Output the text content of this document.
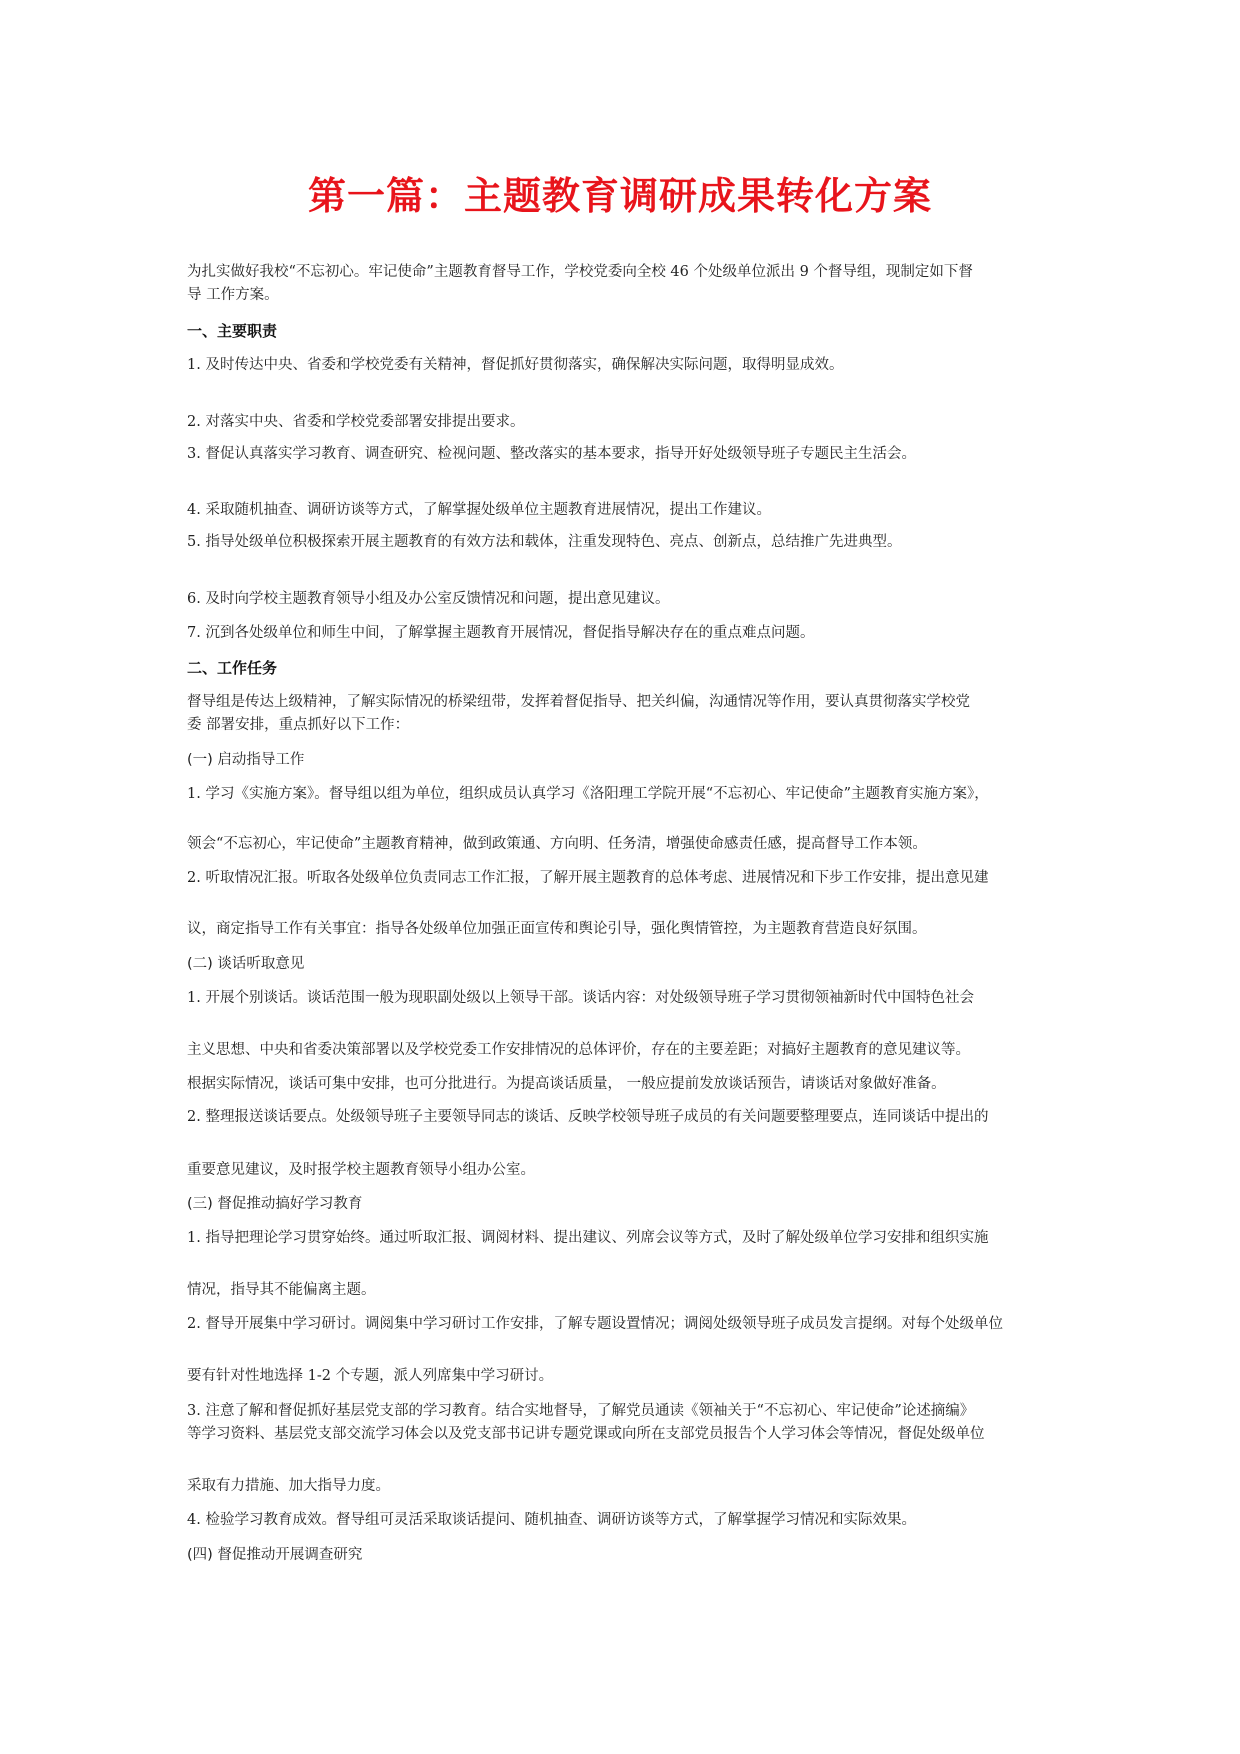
第一篇：主题教育调研成果转化方案

为扎实做好我校“不忘初心。牢记使命”主题教育督导工作，学校党委向全校 46 个处级单位派出 9 个督导组，现制定如下督

导 工作方案。

一、主要职责

1. 及时传达中央、省委和学校党委有关精神，督促抓好贯彻落实，确保解决实际问题，取得明显成效。

2. 对落实中央、省委和学校党委部署安排提出要求。

3. 督促认真落实学习教育、调查研究、检视问题、整改落实的基本要求，指导开好处级领导班子专题民主生活会。

4. 采取随机抽查、调研访谈等方式，了解掌握处级单位主题教育进展情况，提出工作建议。

5. 指导处级单位积极探索开展主题教育的有效方法和载体，注重发现特色、亮点、创新点，总结推广先进典型。

6. 及时向学校主题教育领导小组及办公室反馈情况和问题，提出意见建议。

7. 沉到各处级单位和师生中间，了解掌握主题教育开展情况，督促指导解决存在的重点难点问题。

二、工作任务

督导组是传达上级精神，了解实际情况的桥梁纽带，发挥着督促指导、把关纠偏，沟通情况等作用，要认真贯彻落实学校党

委 部署安排，重点抓好以下工作：

(一) 启动指导工作

1. 学习《实施方案》。督导组以组为单位，组织成员认真学习《洛阳理工学院开展“不忘初心、牢记使命”主题教育实施方案》，

领会“不忘初心，牢记使命”主题教育精神，做到政策通、方向明、任务清，增强使命感责任感，提高督导工作本领。

2. 听取情况汇报。听取各处级单位负责同志工作汇报，了解开展主题教育的总体考虑、进展情况和下步工作安排，提出意见建

议，商定指导工作有关事宜：指导各处级单位加强正面宣传和舆论引导，强化舆情管控，为主题教育营造良好氛围。

(二) 谈话听取意见

1. 开展个别谈话。谈话范围一般为现职副处级以上领导干部。谈话内容：对处级领导班子学习贯彻领袖新时代中国特色社会

主义思想、中央和省委决策部署以及学校党委工作安排情况的总体评价，存在的主要差距；对搞好主题教育的意见建议等。

根据实际情况，谈话可集中安排，也可分批进行。为提高谈话质量， 一般应提前发放谈话预告，请谈话对象做好准备。

2. 整理报送谈话要点。处级领导班子主要领导同志的谈话、反映学校领导班子成员的有关问题要整理要点，连同谈话中提出的

重要意见建议，及时报学校主题教育领导小组办公室。

(三) 督促推动搞好学习教育

1. 指导把理论学习贯穿始终。通过听取汇报、调阅材料、提出建议、列席会议等方式，及时了解处级单位学习安排和组织实施

情况，指导其不能偏离主题。

2. 督导开展集中学习研讨。调阅集中学习研讨工作安排，了解专题设置情况；调阅处级领导班子成员发言提纲。对每个处级单位

要有针对性地选择 1-2 个专题，派人列席集中学习研讨。

3. 注意了解和督促抓好基层党支部的学习教育。结合实地督导，了解党员通读《领袖关于“不忘初心、牢记使命”论述摘编》

等学习资料、基层党支部交流学习体会以及党支部书记讲专题党课或向所在支部党员报告个人学习体会等情况，督促处级单位

采取有力措施、加大指导力度。

4. 检验学习教育成效。督导组可灵活采取谈话提问、随机抽查、调研访谈等方式，了解掌握学习情况和实际效果。

(四) 督促推动开展调查研究
